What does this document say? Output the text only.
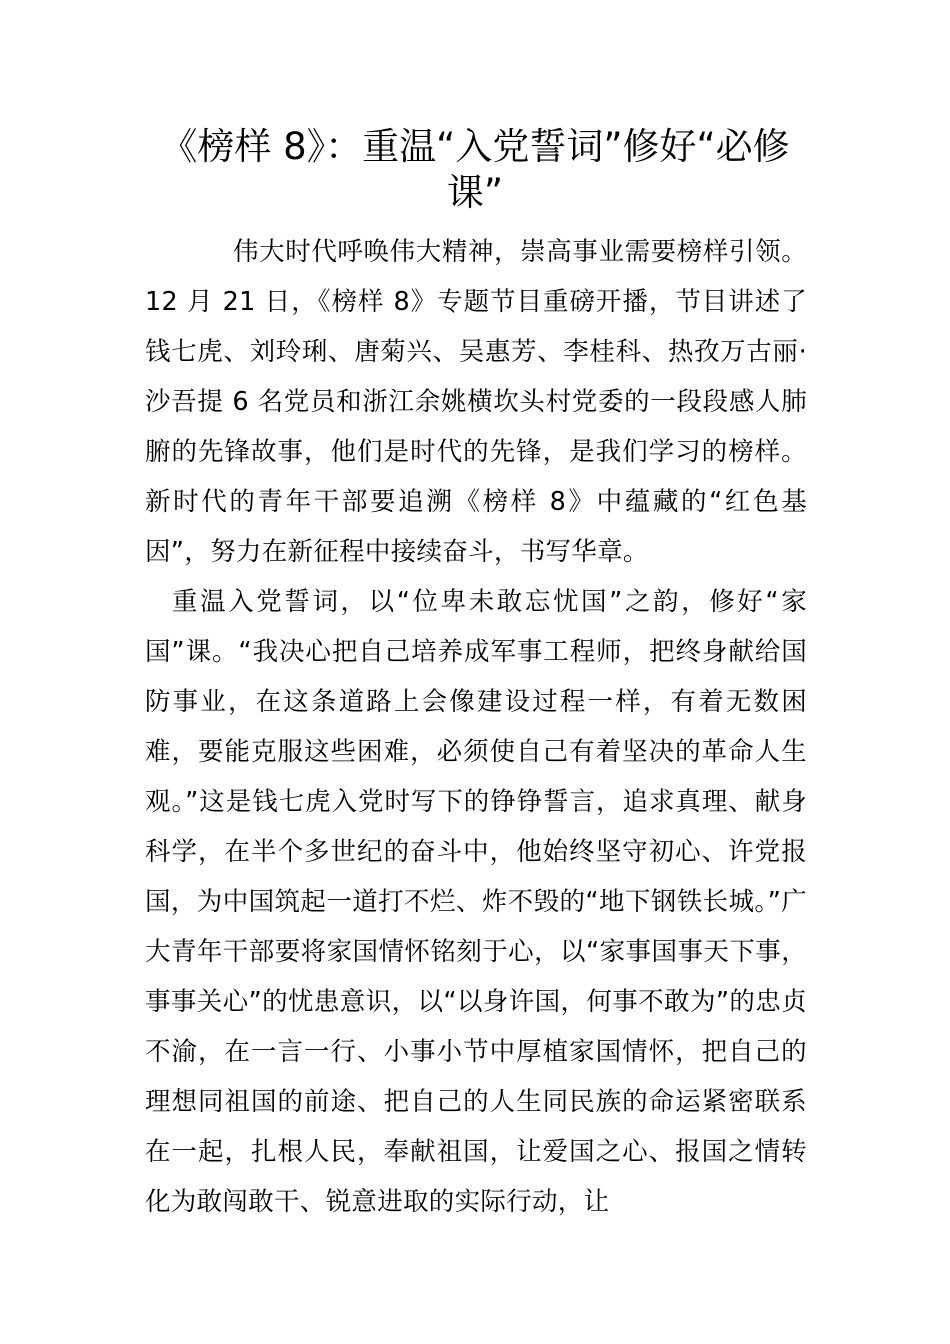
《榜样 8》：重温“入党誓词”修好“必修课”

伟大时代呼唤伟大精神，崇高事业需要榜样引领。12 月 21 日，《榜样 8》专题节目重磅开播，节目讲述了钱七虎、刘玲琍、唐菊兴、吴惠芳、李桂科、热孜万古丽·沙吾提 6 名党员和浙江余姚横坎头村党委的一段段感人肺腑的先锋故事，他们是时代的先锋，是我们学习的榜样。新时代的青年干部要追溯《榜样 8》中蕴藏的“红色基因”，努力在新征程中接续奋斗，书写华章。

重温入党誓词，以“位卑未敢忘忧国”之韵，修好“家国”课。“我决心把自己培养成军事工程师，把终身献给国防事业，在这条道路上会像建设过程一样，有着无数困难，要能克服这些困难，必须使自己有着坚决的革命人生观。”这是钱七虎入党时写下的铮铮誓言，追求真理、献身科学，在半个多世纪的奋斗中，他始终坚守初心、许党报国，为中国筑起一道打不烂、炸不毁的“地下钢铁长城。”广大青年干部要将家国情怀铭刻于心，以“家事国事天下事，事事关心”的忧患意识，以“以身许国，何事不敢为”的忠贞不渝，在一言一行、小事小节中厚植家国情怀，把自己的理想同祖国的前途、把自己的人生同民族的命运紧密联系在一起，扎根人民，奉献祖国，让爱国之心、报国之情转化为敢闯敢干、锐意进取的实际行动，让
